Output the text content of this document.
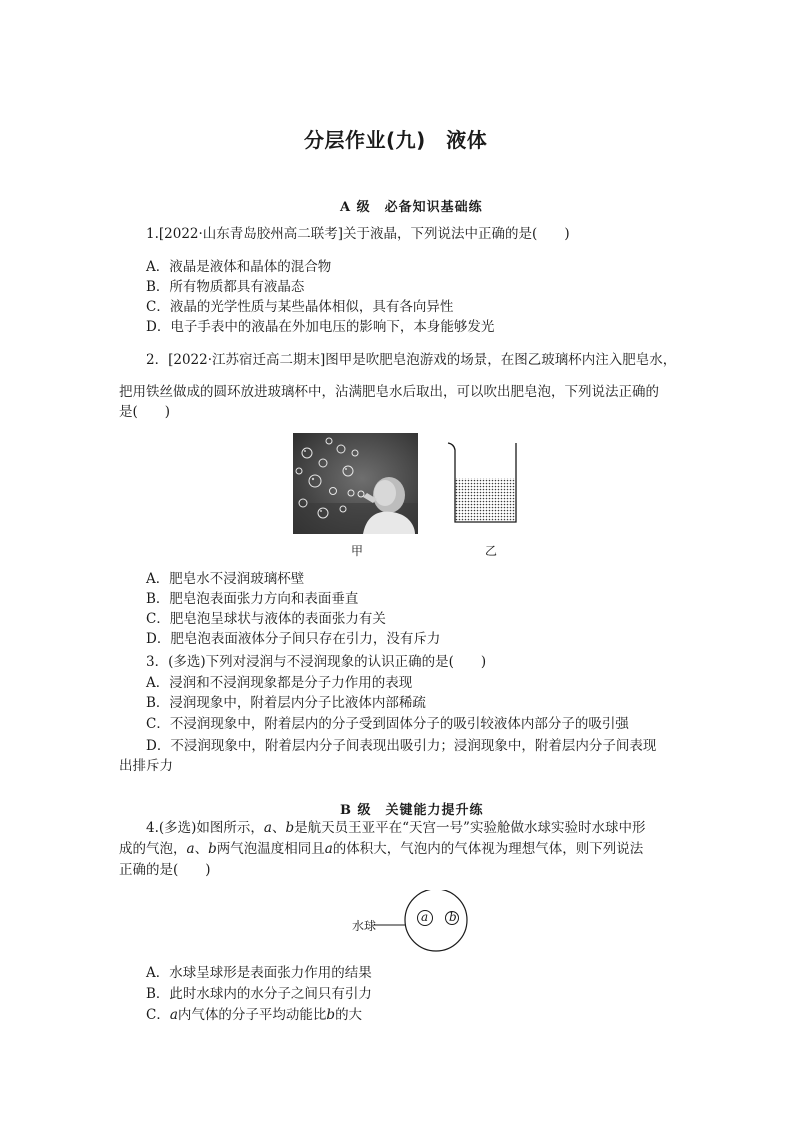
分层作业(九)　液体
A 级　必备知识基础练
1.[2022·山东青岛胶州高二联考]关于液晶，下列说法中正确的是(　　)
A．液晶是液体和晶体的混合物
B．所有物质都具有液晶态
C．液晶的光学性质与某些晶体相似，具有各向异性
D．电子手表中的液晶在外加电压的影响下，本身能够发光
2．[2022·江苏宿迁高二期末]图甲是吹肥皂泡游戏的场景，在图乙玻璃杯内注入肥皂水，
把用铁丝做成的圆环放进玻璃杯中，沾满肥皂水后取出，可以吹出肥皂泡，下列说法正确的
是(　　)
甲	乙
A．肥皂水不浸润玻璃杯壁
B．肥皂泡表面张力方向和表面垂直
C．肥皂泡呈球状与液体的表面张力有关
D．肥皂泡表面液体分子间只存在引力，没有斥力
3．(多选)下列对浸润与不浸润现象的认识正确的是(　　)
A．浸润和不浸润现象都是分子力作用的表现
B．浸润现象中，附着层内分子比液体内部稀疏
C．不浸润现象中，附着层内的分子受到固体分子的吸引较液体内部分子的吸引强
D．不浸润现象中，附着层内分子间表现出吸引力；浸润现象中，附着层内分子间表现
出排斥力
B 级　关键能力提升练
4.(多选)如图所示，a、b是航天员王亚平在“天宫一号”实验舱做水球实验时水球中形
成的气泡，a、b两气泡温度相同且a的体积大，气泡内的气体视为理想气体，则下列说法
正确的是(　　)
水球
a b
A．水球呈球形是表面张力作用的结果
B．此时水球内的水分子之间只有引力
C．a内气体的分子平均动能比b的大
